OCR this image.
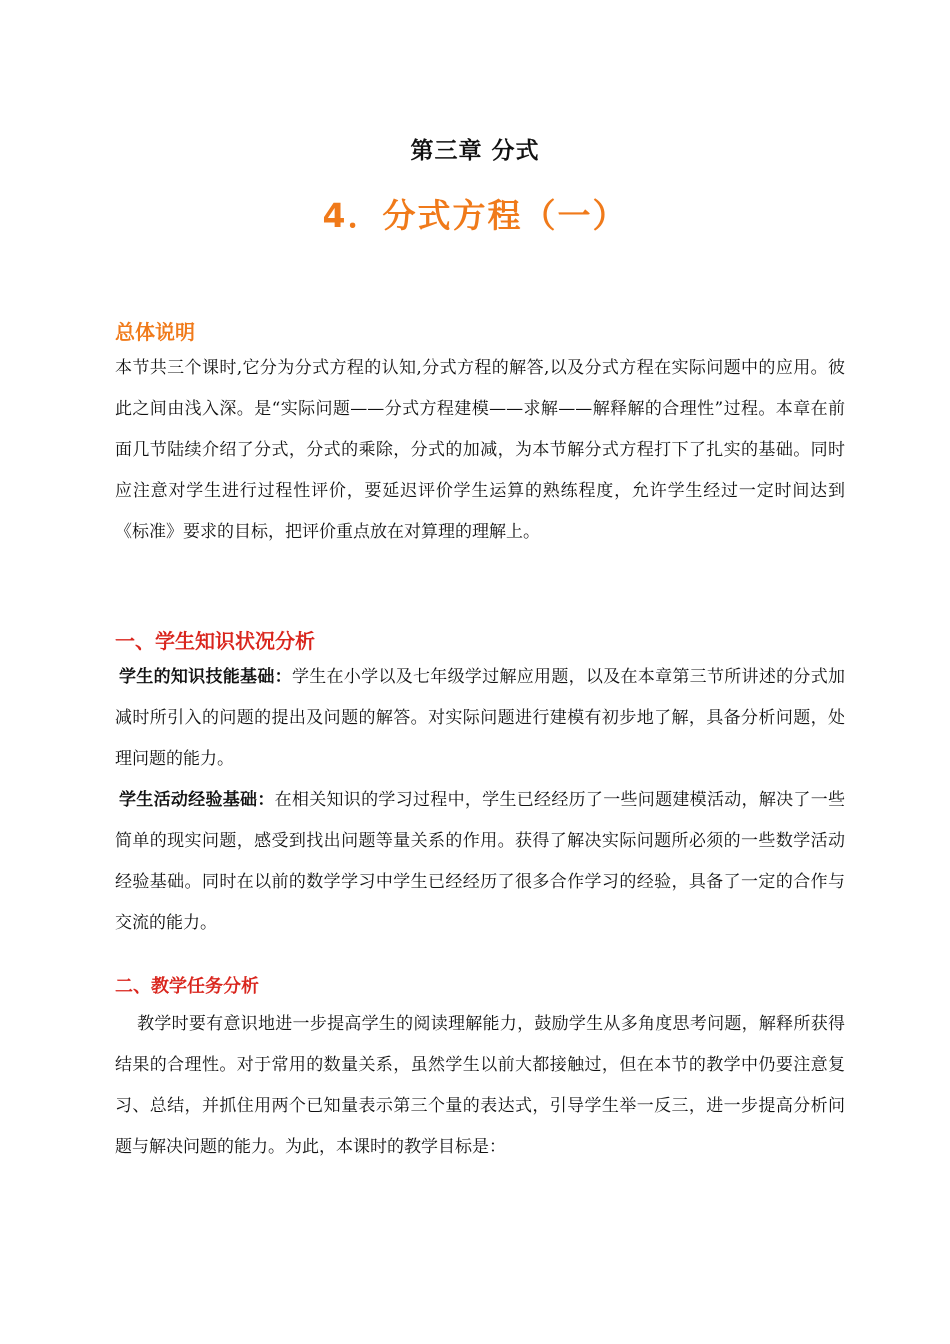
第三章 分式
4．分式方程（一）
总体说明
本节共三个课时,它分为分式方程的认知,分式方程的解答,以及分式方程在实际问题中的应用。彼此之间由浅入深。是“实际问题——分式方程建模——求解——解释解的合理性”过程。本章在前面几节陆续介绍了分式，分式的乘除，分式的加减，为本节解分式方程打下了扎实的基础。同时应注意对学生进行过程性评价，要延迟评价学生运算的熟练程度，允许学生经过一定时间达到《标准》要求的目标，把评价重点放在对算理的理解上。
一、学生知识状况分析
学生的知识技能基础：学生在小学以及七年级学过解应用题，以及在本章第三节所讲述的分式加减时所引入的问题的提出及问题的解答。对实际问题进行建模有初步地了解，具备分析问题，处理问题的能力。
学生活动经验基础：在相关知识的学习过程中，学生已经经历了一些问题建模活动，解决了一些简单的现实问题，感受到找出问题等量关系的作用。获得了解决实际问题所必须的一些数学活动经验基础。同时在以前的数学学习中学生已经经历了很多合作学习的经验，具备了一定的合作与交流的能力。
二、教学任务分析
教学时要有意识地进一步提高学生的阅读理解能力，鼓励学生从多角度思考问题，解释所获得结果的合理性。对于常用的数量关系，虽然学生以前大都接触过，但在本节的教学中仍要注意复习、总结，并抓住用两个已知量表示第三个量的表达式，引导学生举一反三，进一步提高分析问题与解决问题的能力。为此，本课时的教学目标是：
